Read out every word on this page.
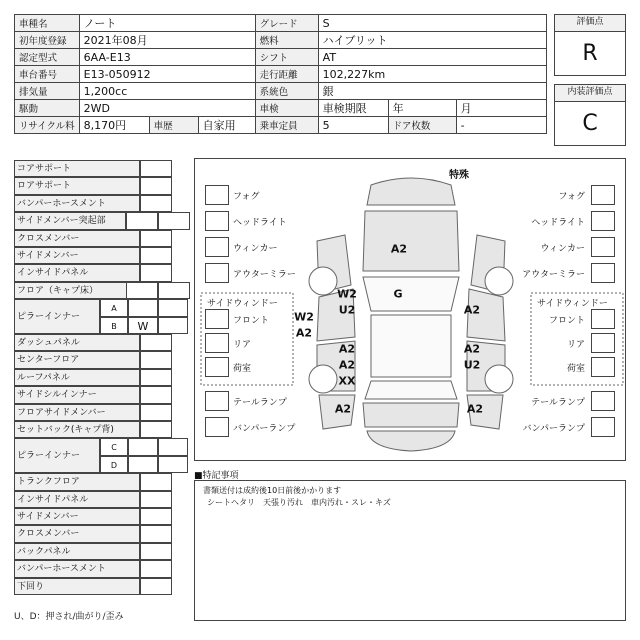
車種名	ノート			グレード	S		
初年度登録	2021年08月			燃料	ハイブリット		
認定型式	6AA-E13			シフト	AT		
車台番号	E13-050912			走行距離	102,227km		
排気量	1,200cc			系統色	銀		
駆動	2WD			車検	車検期限	年	月
リサイクル料	8,170円	車歴	自家用	乗車定員	5	ドア枚数	-
評価点
R
内装評価点
C
コアサポート
ロアサポート
バンパーホースメント
サイドメンバー突起部
クロスメンバー
サイドメンバー
インサイドパネル
フロア（キャプ床）
ピラーインナー
A
B	W
ダッシュパネル
センターフロア
ルーフパネル
サイドシルインナー
フロアサイドメンバー
セットバック(キャプ背)
ピラーインナー
C
D
トランクフロア
インサイドパネル
サイドメンバー
クロスメンバー
バックパネル
バンパーホースメント
下回り
特殊
フォグ
ヘッドライト
ウィンカー
アウターミラー
サイドウィンドー
フロント
リア
荷室
テールランプ
バンパーランプ
フォグ
ヘッドライト
ウィンカー
アウターミラー
サイドウィンドー
フロント
リア
荷室
テールランプ
バンパーランプ
A2
G
W2
U2
W2
A2
A2
A2
XX
A2
A2
A2
U2
A2
■特記事項
書類送付は成約後10日前後かかります
シートヘタリ　天張り汚れ　車内汚れ・スレ・キズ
U、D：押され/曲がり/歪み
